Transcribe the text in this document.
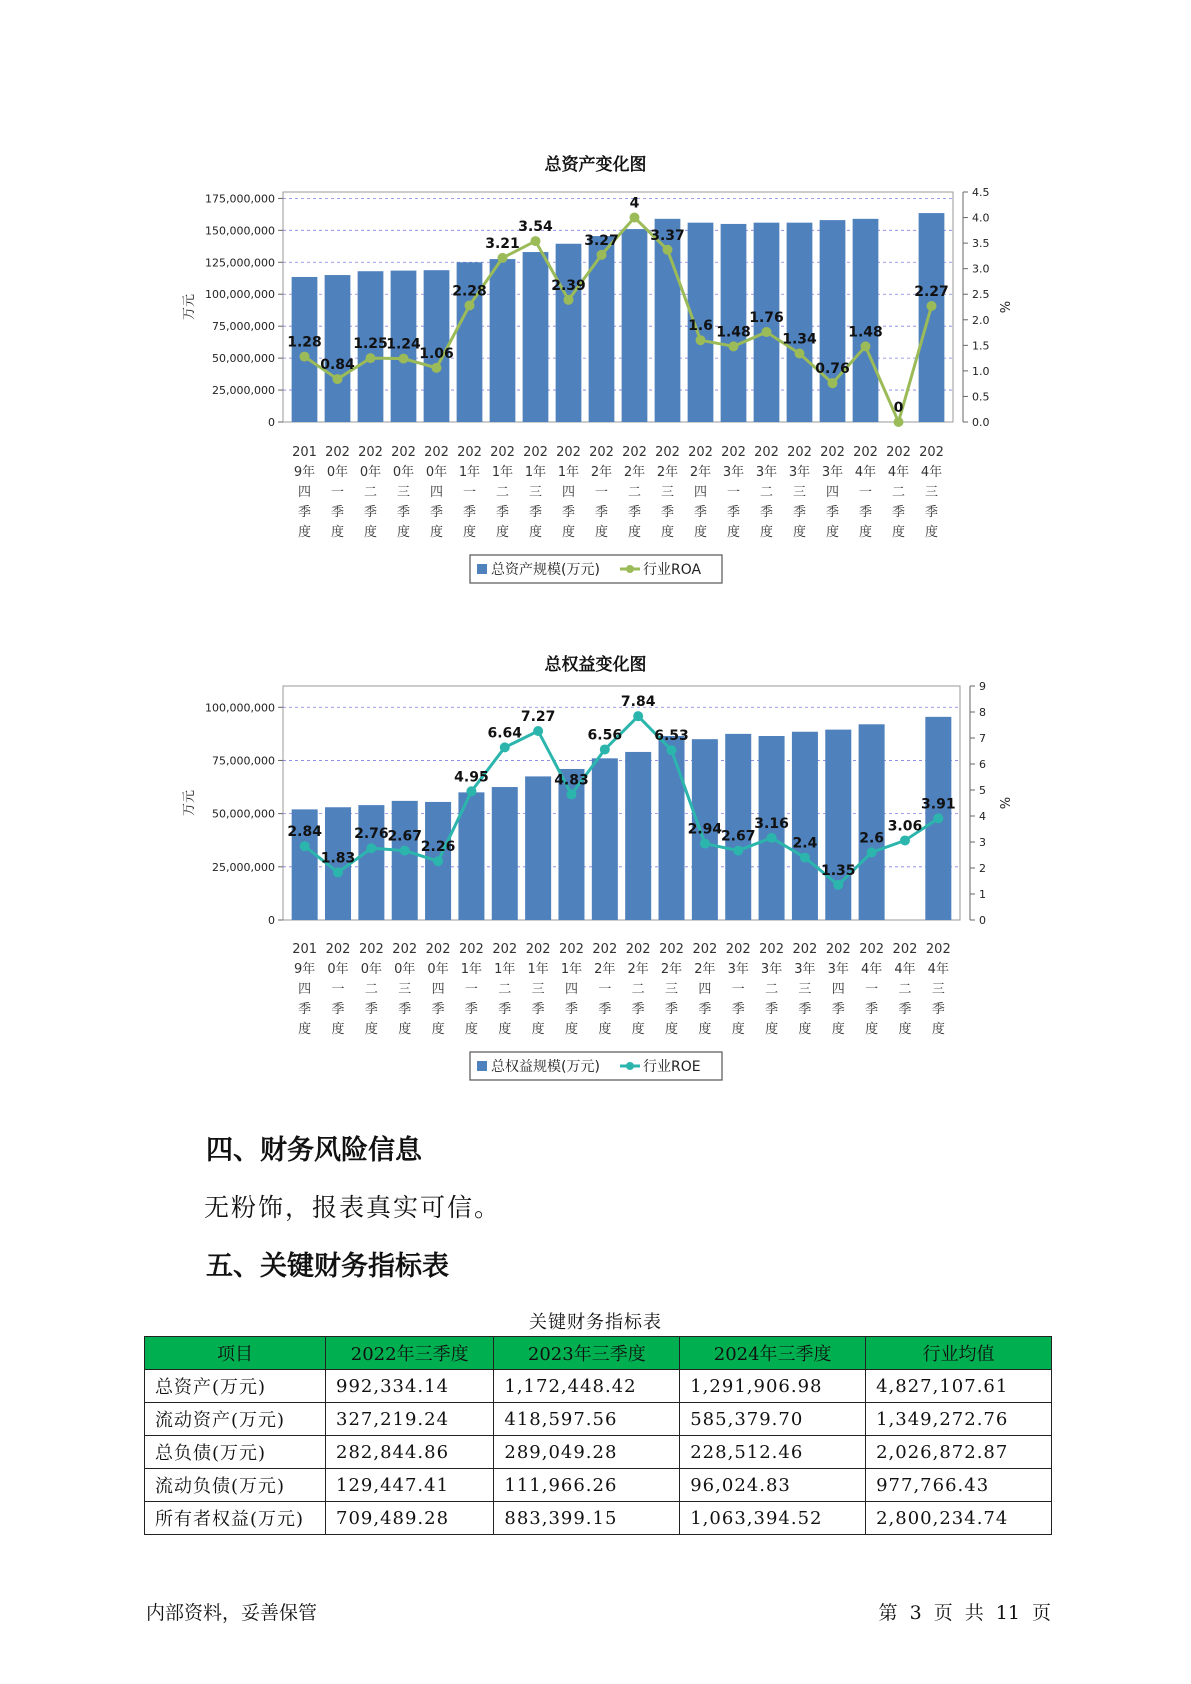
总资产变化图
0
25,000,000
50,000,000
75,000,000
100,000,000
125,000,000
150,000,000
175,000,000
0.0
0.5
1.0
1.5
2.0
2.5
3.0
3.5
4.0
4.5
万元	%
1.28
0.84
1.25
1.24
1.06
2.28
3.21
3.54
2.39
3.27
4
3.37
1.6 1.48
1.76
1.34
0.76
1.48
0
2.27
201
9年
四
季
度
202
0年
一
季
度
202
0年
二
季
度
202
0年
三
季
度
202
0年
四
季
度
202
1年
一
季
度
202
1年
二
季
度
202
1年
三
季
度
202
1年
四
季
度
202
2年
一
季
度
202
2年
二
季
度
202
2年
三
季
度
202
2年
四
季
度
202
3年
一
季
度
202
3年
二
季
度
202
3年
三
季
度
202
3年
四
季
度
202
4年
一
季
度
202
4年
二
季
度
202
4年
三
季
度
总资产规模(万元)	行业ROA
总权益变化图
0
25,000,000
50,000,000
75,000,000
100,000,000
0
1
2
3
4
5
6
7
8
9
万元	%
2.84
1.83
2.76
2.67
2.26
4.95
6.64
7.27
4.83
6.56
7.84
6.53
2.94
2.67
3.16
2.4
1.35
2.6
3.06
3.91
201
9年
四
季
度
202
0年
一
季
度
202
0年
二
季
度
202
0年
三
季
度
202
0年
四
季
度
202
1年
一
季
度
202
1年
二
季
度
202
1年
三
季
度
202
1年
四
季
度
202
2年
一
季
度
202
2年
二
季
度
202
2年
三
季
度
202
2年
四
季
度
202
3年
一
季
度
202
3年
二
季
度
202
3年
三
季
度
202
3年
四
季
度
202
4年
一
季
度
202
4年
二
季
度
202
4年
三
季
度
总权益规模(万元)	行业ROE
四、财务风险信息
无粉饰，报表真实可信。
五、关键财务指标表
关键财务指标表
项目	2022年三季度	2023年三季度	2024年三季度	行业均值
总资产(万元)	992,334.14	1,172,448.42	1,291,906.98	4,827,107.61
流动资产(万元)	327,219.24	418,597.56	585,379.70	1,349,272.76
总负债(万元)	282,844.86	289,049.28	228,512.46	2,026,872.87
流动负债(万元)	129,447.41	111,966.26	96,024.83	977,766.43
所有者权益(万元)	709,489.28	883,399.15	1,063,394.52	2,800,234.74
内部资料，妥善保管	第 3 页 共 11 页
